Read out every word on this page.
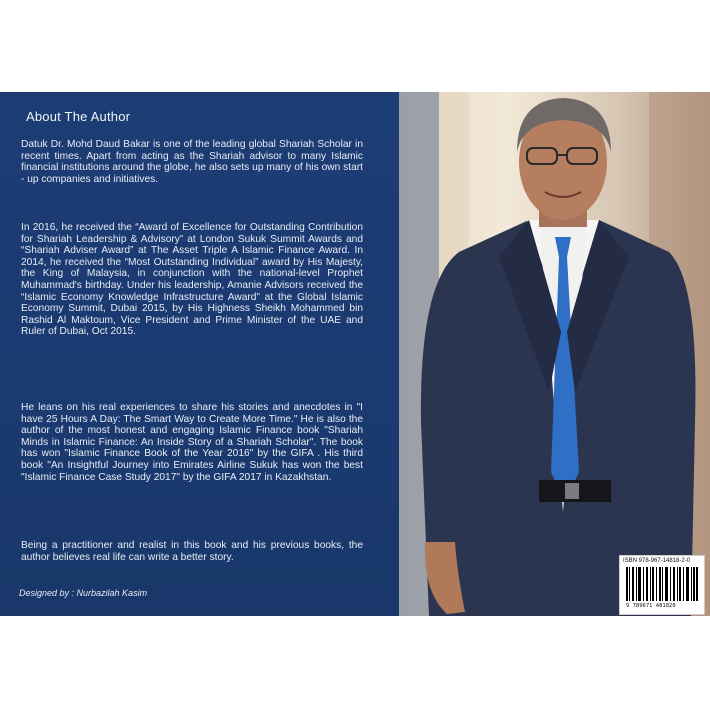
About The Author

Datuk Dr. Mohd Daud Bakar is one of the leading global Shariah Scholar in recent times. Apart from acting as the Shariah advisor to many Islamic financial institutions around the globe, he also sets up many of his own start - up companies and initiatives.

In 2016, he received the “Award of Excellence for Outstanding Contribution for Shariah Leadership & Advisory” at London Sukuk Summit Awards and “Shariah Adviser Award” at The Asset Triple A Islamic Finance Award. In 2014, he received the “Most Outstanding Individual” award by His Majesty, the King of Malaysia, in conjunction with the national-level Prophet Muhammad's birthday. Under his leadership, Amanie Advisors received the “Islamic Economy Knowledge Infrastructure Award” at the Global Islamic Economy Summit, Dubai 2015, by His Highness Sheikh Mohammed bin Rashid Al Maktoum, Vice President and Prime Minister of the UAE and Ruler of Dubai, Oct 2015.

He leans on his real experiences to share his stories and anecdotes in "I have 25 Hours A Day: The Smart Way to Create More Time." He is also the author of the most honest and engaging Islamic Finance book "Shariah Minds in Islamic Finance: An Inside Story of a Shariah Scholar". The book has won "Islamic Finance Book of the Year 2016" by the GIFA . His third book "An Insightful Journey into Emirates Airline Sukuk has won the best "Islamic Finance Case Study 2017" by the GIFA 2017 in Kazakhstan.

Being a practitioner and realist in this book and his previous books, the author believes real life can write a better story.

Designed by : Nurbazilah Kasim
ISBN 978-967-14818-2-0
9 789671 481820
